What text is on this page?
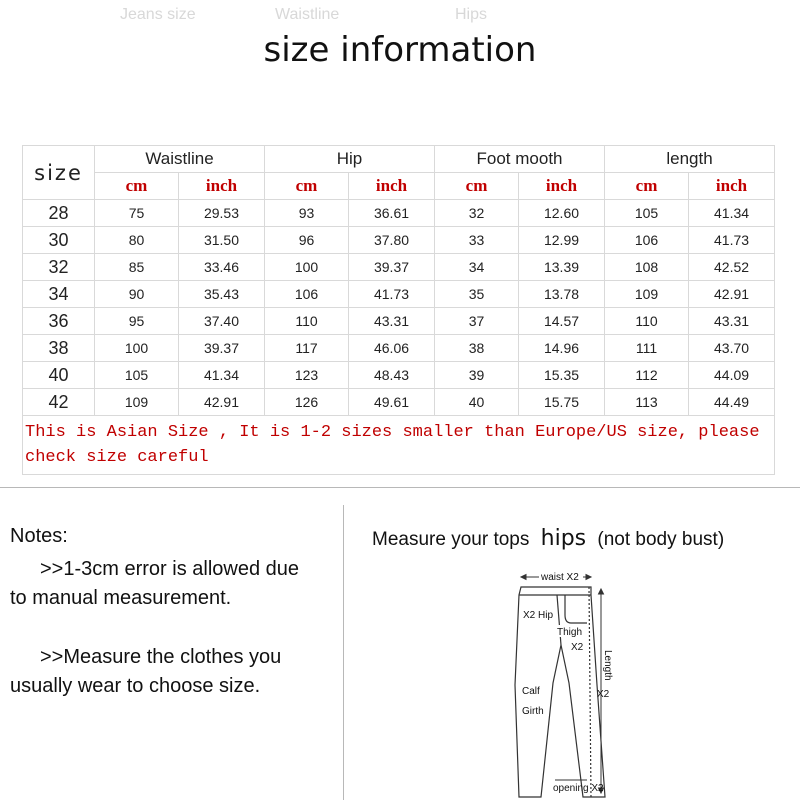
Jeans size	Waistline	Hips
size information
size	Waistline		Hip		Foot mooth		length	
	cm	inch	cm	inch	cm	inch	cm	inch
28	75	29.53	93	36.61	32	12.60	105	41.34
30	80	31.50	96	37.80	33	12.99	106	41.73
32	85	33.46	100	39.37	34	13.39	108	42.52
34	90	35.43	106	41.73	35	13.78	109	42.91
36	95	37.40	110	43.31	37	14.57	110	43.31
38	100	39.37	117	46.06	38	14.96	111	43.70
40	105	41.34	123	48.43	39	15.35	112	44.09
42	109	42.91	126	49.61	40	15.75	113	44.49
This is Asian Size , It is 1-2 sizes smaller than Europe/US size, please check size careful								
Notes:
>>1-3cm error is allowed due
to manual measurement.
>>Measure the clothes you
usually wear to choose size.
Measure your tops hips (not body bust)
waist X2
X2 Hip
Thigh
X2
Calf
Girth
Length
X2
opening X2
